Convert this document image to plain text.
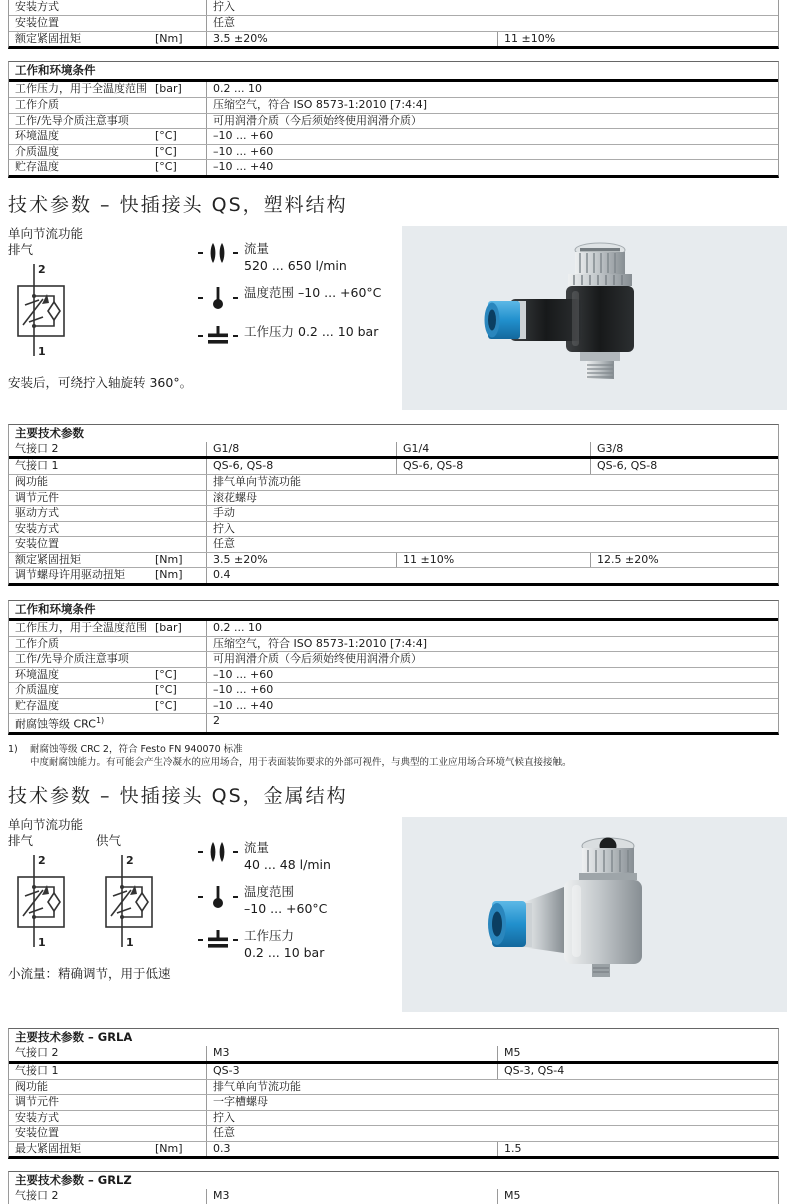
安装方式	拧入
安装位置	任意
额定紧固扭矩	[Nm]	3.5 ±20%	11 ±10%
工作和环境条件
工作压力，用于全温度范围 [bar]	0.2 ... 10
工作介质	压缩空气，符合 ISO 8573-1:2010 [7:4:4]
工作/先导介质注意事项	可用润滑介质（今后须始终使用润滑介质）
环境温度	[°C]	–10 ... +60
介质温度	[°C]	–10 ... +60
贮存温度	[°C]	–10 ... +40
技术参数 – 快插接头 QS，塑料结构
单向节流功能
排气
2
1
安装后，可绕拧入轴旋转 360°。
流量
520 ... 650 l/min
温度范围 –10 ... +60°C
工作压力 0.2 ... 10 bar
主要技术参数
气接口 2	G1/8	G1/4	G3/8
气接口 1	QS-6, QS-8	QS-6, QS-8	QS-6, QS-8
阀功能	排气单向节流功能
调节元件	滚花螺母
驱动方式	手动
安装方式	拧入
安装位置	任意
额定紧固扭矩	[Nm]	3.5 ±20%	11 ±10%	12.5 ±20%
调节螺母许用驱动扭矩	[Nm]	0.4
工作和环境条件
工作压力，用于全温度范围 [bar]	0.2 ... 10
工作介质	压缩空气，符合 ISO 8573-1:2010 [7:4:4]
工作/先导介质注意事项	可用润滑介质（今后须始终使用润滑介质）
环境温度	[°C]	–10 ... +60
介质温度	[°C]	–10 ... +60
贮存温度	[°C]	–10 ... +40
耐腐蚀等级 CRC$^{1)}$	2
1)	耐腐蚀等级 CRC 2，符合 Festo FN 940070 标准
中度耐腐蚀能力。有可能会产生冷凝水的应用场合，用于表面装饰要求的外部可视件，与典型的工业应用场合环境气候直接接触。
技术参数 – 快插接头 QS，金属结构
单向节流功能
排气
2
1
供气
2
1
小流量：精确调节，用于低速
流量
40 ... 48 l/min
温度范围
–10 ... +60°C
工作压力
0.2 ... 10 bar
主要技术参数 – GRLA
气接口 2	M3	M5
气接口 1	QS-3	QS-3, QS-4
阀功能	排气单向节流功能
调节元件	一字槽螺母
安装方式	拧入
安装位置	任意
最大紧固扭矩	[Nm]	0.3	1.5
主要技术参数 – GRLZ
气接口 2	M3	M5
